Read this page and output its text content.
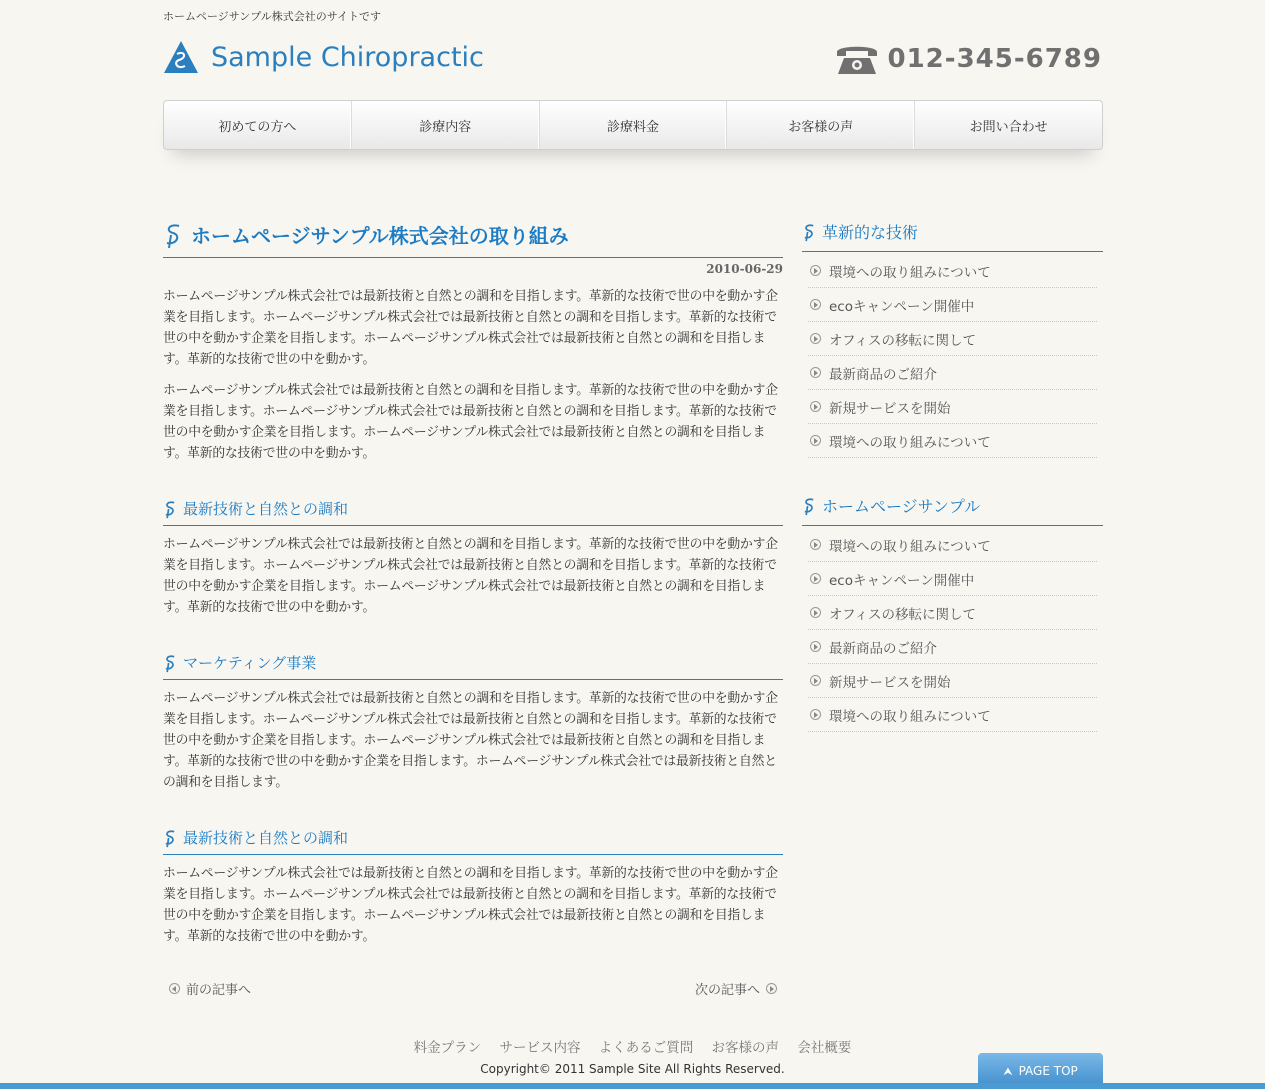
ホームページサンプル株式会社のサイトです
Sample Chiropractic	012-345-6789
初めての方へ	診療内容	診療料金	お客様の声	お問い合わせ
ホームページサンプル株式会社の取り組み
2010-06-29

ホームページサンプル株式会社では最新技術と自然との調和を目指します。革新的な技術で世の中を動かす企業を目指します。ホームページサンプル株式会社では最新技術と自然との調和を目指します。革新的な技術で世の中を動かす企業を目指します。ホームページサンプル株式会社では最新技術と自然との調和を目指します。革新的な技術で世の中を動かす。

ホームページサンプル株式会社では最新技術と自然との調和を目指します。革新的な技術で世の中を動かす企業を目指します。ホームページサンプル株式会社では最新技術と自然との調和を目指します。革新的な技術で世の中を動かす企業を目指します。ホームページサンプル株式会社では最新技術と自然との調和を目指します。革新的な技術で世の中を動かす。

最新技術と自然との調和

ホームページサンプル株式会社では最新技術と自然との調和を目指します。革新的な技術で世の中を動かす企業を目指します。ホームページサンプル株式会社では最新技術と自然との調和を目指します。革新的な技術で世の中を動かす企業を目指します。ホームページサンプル株式会社では最新技術と自然との調和を目指します。革新的な技術で世の中を動かす。

マーケティング事業

ホームページサンプル株式会社では最新技術と自然との調和を目指します。革新的な技術で世の中を動かす企業を目指します。ホームページサンプル株式会社では最新技術と自然との調和を目指します。革新的な技術で世の中を動かす企業を目指します。ホームページサンプル株式会社では最新技術と自然との調和を目指します。革新的な技術で世の中を動かす企業を目指します。ホームページサンプル株式会社では最新技術と自然との調和を目指します。

最新技術と自然との調和

ホームページサンプル株式会社では最新技術と自然との調和を目指します。革新的な技術で世の中を動かす企業を目指します。ホームページサンプル株式会社では最新技術と自然との調和を目指します。革新的な技術で世の中を動かす企業を目指します。ホームページサンプル株式会社では最新技術と自然との調和を目指します。革新的な技術で世の中を動かす。

前の記事へ	次の記事へ
革新的な技術
環境への取り組みについて
ecoキャンペーン開催中
オフィスの移転に関して
最新商品のご紹介
新規サービスを開始
環境への取り組みについて
ホームページサンプル
環境への取り組みについて
ecoキャンペーン開催中
オフィスの移転に関して
最新商品のご紹介
新規サービスを開始
環境への取り組みについて
料金プラン サービス内容 よくあるご質問 お客様の声 会社概要
Copyright© 2011 Sample Site All Rights Reserved.	⮝ PAGE TOP
